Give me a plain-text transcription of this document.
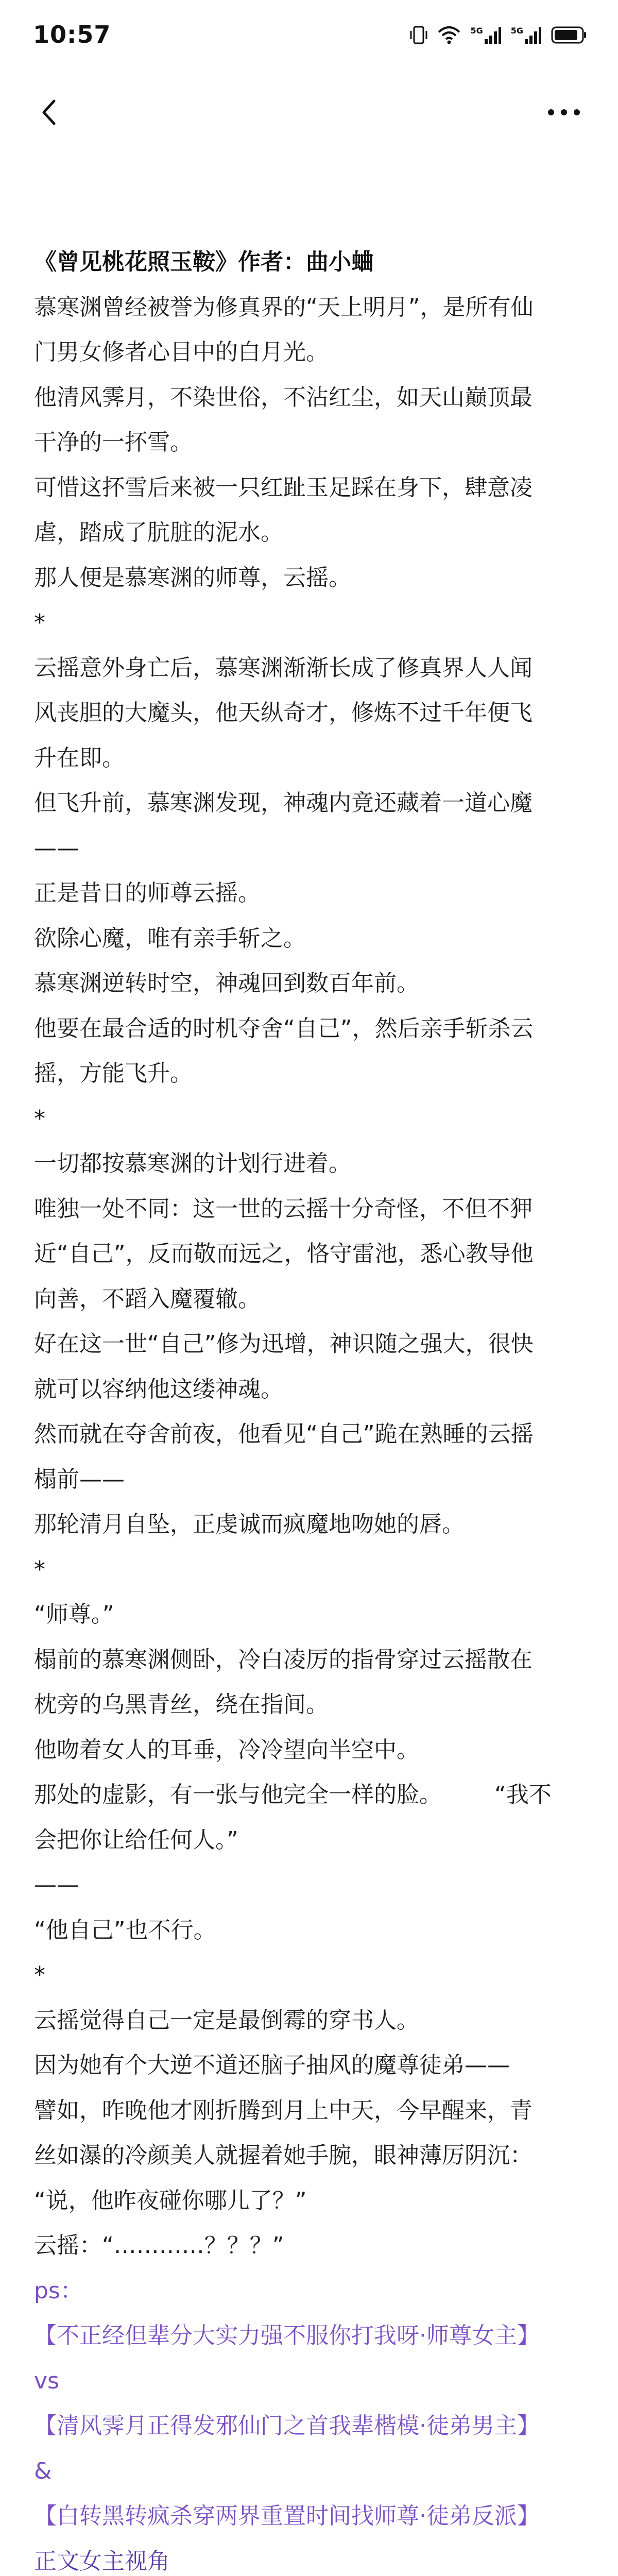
10:57	5G	5G
《曾见桃花照玉鞍》作者：曲小蛐
慕寒渊曾经被誉为修真界的“天上明月”，是所有仙
门男女修者心目中的白月光。
他清风霁月，不染世俗，不沾红尘，如天山巅顶最
干净的一抔雪。
可惜这抔雪后来被一只红趾玉足踩在身下，肆意凌
虐，踏成了肮脏的泥水。
那人便是慕寒渊的师尊，云摇。
*
云摇意外身亡后，慕寒渊渐渐长成了修真界人人闻
风丧胆的大魔头，他天纵奇才，修炼不过千年便飞
升在即。
但飞升前，慕寒渊发现，神魂内竟还藏着一道心魔
——
正是昔日的师尊云摇。
欲除心魔，唯有亲手斩之。
慕寒渊逆转时空，神魂回到数百年前。
他要在最合适的时机夺舍“自己”，然后亲手斩杀云
摇，方能飞升。
*
一切都按慕寒渊的计划行进着。
唯独一处不同：这一世的云摇十分奇怪，不但不狎
近“自己”，反而敬而远之，恪守雷池，悉心教导他
向善，不蹈入魔覆辙。
好在这一世“自己”修为迅增，神识随之强大，很快
就可以容纳他这缕神魂。
然而就在夺舍前夜，他看见“自己”跪在熟睡的云摇
榻前——
那轮清月自坠，正虔诚而疯魔地吻她的唇。
*
“师尊。”
榻前的慕寒渊侧卧，冷白凌厉的指骨穿过云摇散在
枕旁的乌黑青丝，绕在指间。
他吻着女人的耳垂，冷冷望向半空中。
那处的虚影，有一张与他完全一样的脸。 　　“我不
会把你让给任何人。”
——
“他自己”也不行。
*
云摇觉得自己一定是最倒霉的穿书人。
因为她有个大逆不道还脑子抽风的魔尊徒弟——
譬如，昨晚他才刚折腾到月上中天，今早醒来，青
丝如瀑的冷颜美人就握着她手腕，眼神薄厉阴沉：
“说，他昨夜碰你哪儿了？”
云摇：“…………？？？”
ps：
【不正经但辈分大实力强不服你打我呀·师尊女主】
vs
【清风霁月正得发邪仙门之首我辈楷模·徒弟男主】
&
【白转黑转疯杀穿两界重置时间找师尊·徒弟反派】
正文女主视角
